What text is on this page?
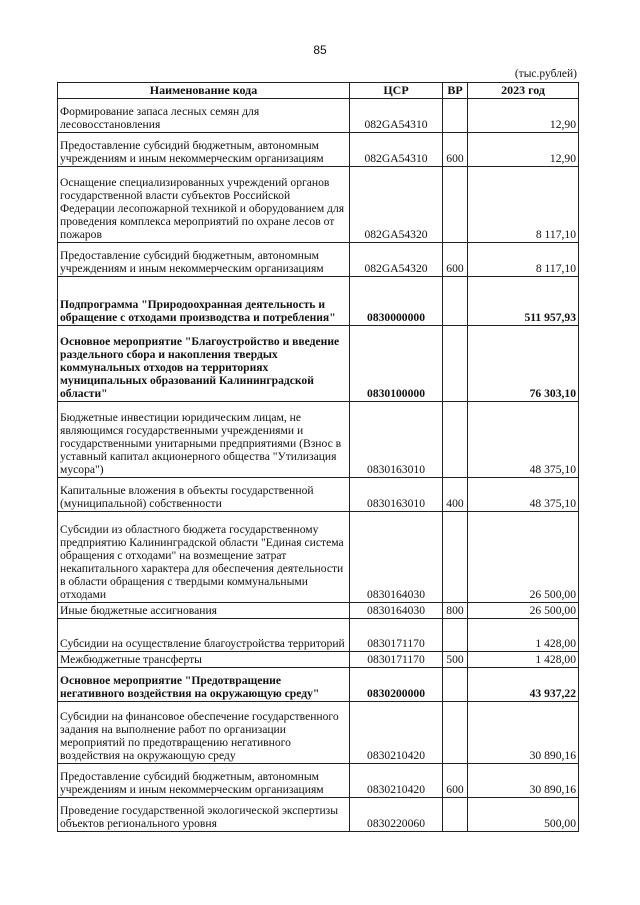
85
(тыс.рублей)
Наименование кода	ЦСР	ВР	2023 год
Формирование запаса лесных семян для лесовосстановления	082GA54310		12,90
Предоставление субсидий бюджетным, автономным учреждениям и иным некоммерческим организациям	082GA54310	600	12,90
Оснащение специализированных учреждений органов государственной власти субъектов Российской Федерации лесопожарной техникой и оборудованием для проведения комплекса мероприятий по охране лесов от пожаров	082GA54320		8 117,10
Предоставление субсидий бюджетным, автономным учреждениям и иным некоммерческим организациям	082GA54320	600	8 117,10
Подпрограмма "Природоохранная деятельность и обращение с отходами производства и потребления"	0830000000		511 957,93
Основное мероприятие "Благоустройство и введение раздельного сбора и накопления твердых коммунальных отходов на территориях муниципальных образований Калининградской области"	0830100000		76 303,10
Бюджетные инвестиции юридическим лицам, не являющимся государственными учреждениями и государственными унитарными предприятиями (Взнос в уставный капитал акционерного общества "Утилизация мусора")	0830163010		48 375,10
Капитальные вложения в объекты государственной (муниципальной) собственности	0830163010	400	48 375,10
Субсидии из областного бюджета государственному предприятию Калининградской области "Единая система обращения с отходами" на возмещение затрат некапитального характера для обеспечения деятельности в области обращения с твердыми коммунальными отходами	0830164030		26 500,00
Иные бюджетные ассигнования	0830164030	800	26 500,00
Субсидии на осуществление благоустройства территорий	0830171170		1 428,00
Межбюджетные трансферты	0830171170	500	1 428,00
Основное мероприятие "Предотвращение негативного воздействия на окружающую среду"	0830200000		43 937,22
Субсидии на финансовое обеспечение государственного задания на выполнение работ по организации мероприятий по предотвращению негативного воздействия на окружающую среду	0830210420		30 890,16
Предоставление субсидий бюджетным, автономным учреждениям и иным некоммерческим организациям	0830210420	600	30 890,16
Проведение государственной экологической экспертизы объектов регионального уровня	0830220060		500,00
